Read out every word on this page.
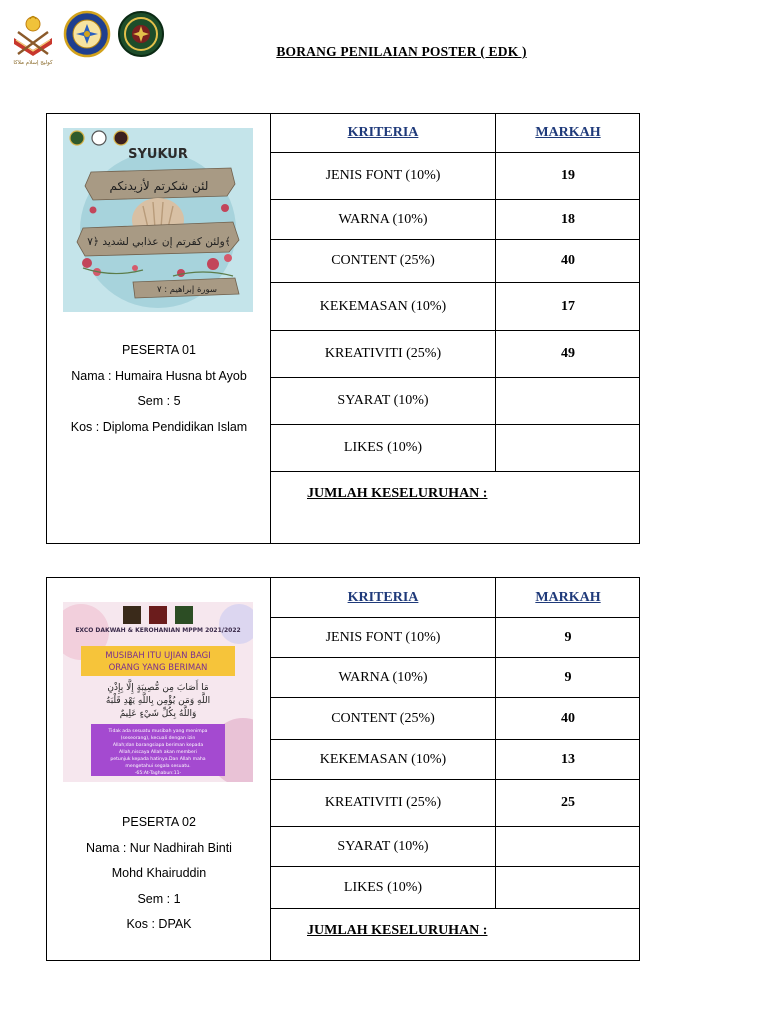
كوليج إسلام ملاكا
BORANG PENILAIAN POSTER ( EDK )
SYUKUR
لئن شكرتم لأزيدنكم
ولئن كفرتم إن عذابي لشديد ﴿٧﴾
سورة إبراهيم : ٧
PESERTA 01
Nama : Humaira Husna bt Ayob
Sem : 5
Kos : Diploma Pendidikan Islam
KRITERIA	MARKAH
JENIS FONT (10%)	19
WARNA (10%)	18
CONTENT (25%)	40
KEKEMASAN (10%)	17
KREATIVITI (25%)	49
SYARAT (10%)
LIKES (10%)
JUMLAH KESELURUHAN :
EXCO DAKWAH & KEROHANIAN MPPM 2021/2022
MUSIBAH ITU UJIAN BAGI
ORANG YANG BERIMAN
مَا أَصَابَ مِن مُّصِيبَةٍ إِلَّا بِإِذْنِ
اللَّهِ وَمَن يُؤْمِن بِاللَّهِ يَهْدِ قَلْبَهُ
وَاللَّهُ بِكُلِّ شَيْءٍ عَلِيمٌ
Tidak ada sesuatu musibah yang menimpa
(seseorang), kecuali dengan izin
Allah;dan barangsiapa beriman kepada
Allah,niscaya Allah akan memberi
petunjuk kepada hatinya.Dan Allah maha
mengetahui segala sesuatu.
-65:At-Taghabun:11-
PESERTA 02
Nama : Nur Nadhirah Binti
Mohd Khairuddin
Sem : 1
Kos : DPAK
KRITERIA	MARKAH
JENIS FONT (10%)	9
WARNA (10%)	9
CONTENT (25%)	40
KEKEMASAN (10%)	13
KREATIVITI (25%)	25
SYARAT (10%)
LIKES (10%)
JUMLAH KESELURUHAN :
